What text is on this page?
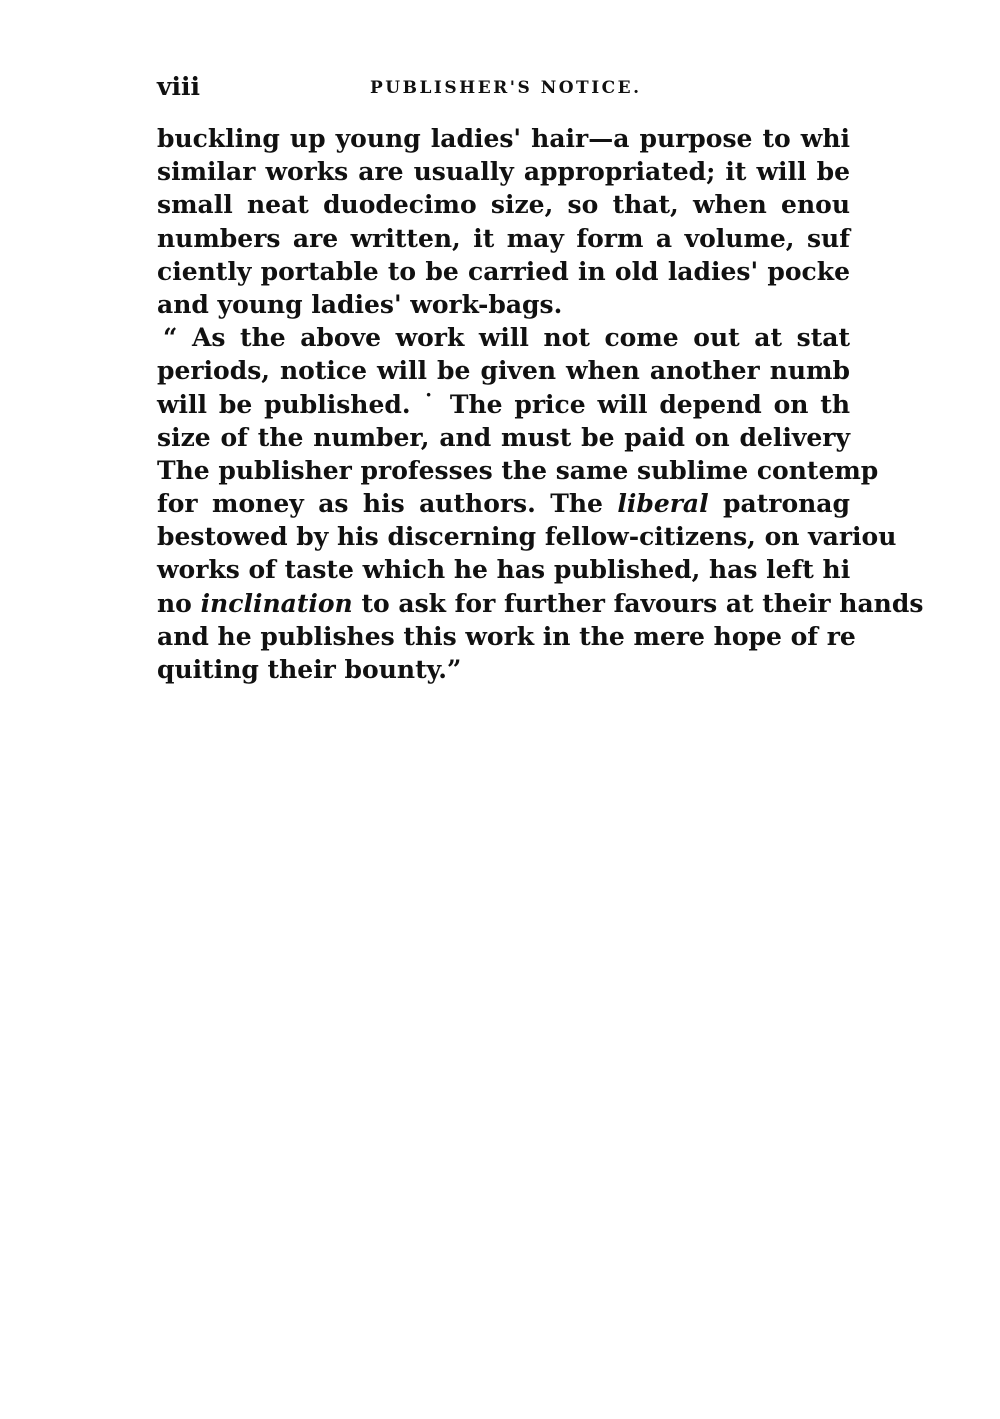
viii	PUBLISHER'S NOTICE.
buckling up young ladies' hair—a purpose to whi
similar works are usually appropriated; it will be
small neat duodecimo size, so that, when enou
numbers are written, it may form a volume, suf
ciently portable to be carried in old ladies' pocke
and young ladies' work-bags.
“ As the above work will not come out at stat
periods, notice will be given when another numb
will be published. ˙ The price will depend on th
size of the number, and must be paid on delivery
The publisher professes the same sublime contemp
for money as his authors. The liberal patronag
bestowed by his discerning fellow-citizens, on variou
works of taste which he has published, has left hi
no inclination to ask for further favours at their hands
and he publishes this work in the mere hope of re
quiting their bounty.”
